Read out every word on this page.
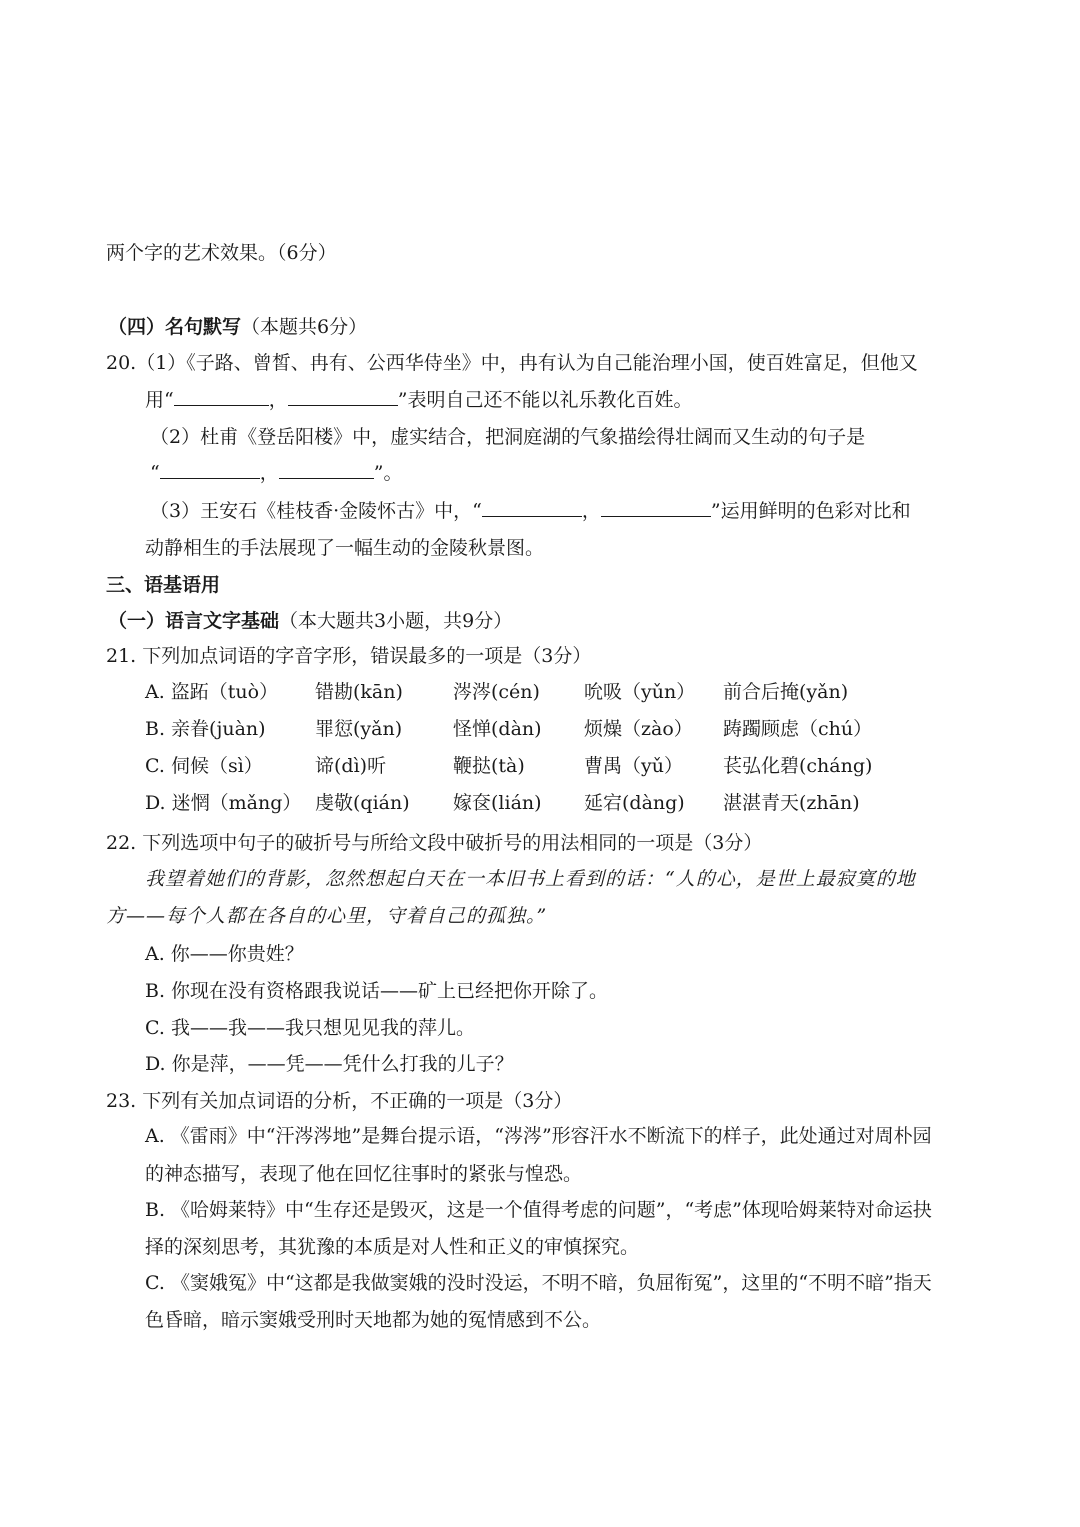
两个字的艺术效果。（6分）
（四）名句默写（本题共6分）
20.（1）《子路、曾皙、冉有、公西华侍坐》中，冉有认为自己能治理小国，使百姓富足，但他又
用“	，	”表明自己还不能以礼乐教化百姓。
（2）杜甫《登岳阳楼》中，虚实结合，把洞庭湖的气象描绘得壮阔而又生动的句子是
“	，	”。
（3）王安石《桂枝香·金陵怀古》中，“	，	”运用鲜明的色彩对比和
动静相生的手法展现了一幅生动的金陵秋景图。
三、语基语用
（一）语言文字基础（本大题共3小题，共9分）
21. 下列加点词语的字音字形，错误最多的一项是（3分）
A. 盗跖（tuò） 错勘(kān)	涔涔(cén) 吮吸（yǔn） 前合后掩(yǎn)
B. 亲眷(juàn)	罪愆(yǎn)	怪惮(dàn) 烦燥（zào） 踌躅顾虑（chú）
C. 伺候（sì）	谛(dì)听	鞭挞(tà)	曹禺（yǔ） 苌弘化碧(cháng)
D. 迷惘（mǎng） 虔敬(qián) 嫁奁(lián) 延宕(dàng) 湛湛青天(zhān)
22. 下列选项中句子的破折号与所给文段中破折号的用法相同的一项是（3分）
我望着她们的背影，忽然想起白天在一本旧书上看到的话：“人的心，是世上最寂寞的地
方——每个人都在各自的心里，守着自己的孤独。”
A. 你——你贵姓？
B. 你现在没有资格跟我说话——矿上已经把你开除了。
C. 我——我——我只想见见我的萍儿。
D. 你是萍，——凭——凭什么打我的儿子？
23. 下列有关加点词语的分析，不正确的一项是（3分）
A. 《雷雨》中“汗涔涔地”是舞台提示语，“涔涔”形容汗水不断流下的样子，此处通过对周朴园
的神态描写，表现了他在回忆往事时的紧张与惶恐。
B. 《哈姆莱特》中“生存还是毁灭，这是一个值得考虑的问题”，“考虑”体现哈姆莱特对命运抉
择的深刻思考，其犹豫的本质是对人性和正义的审慎探究。
C. 《窦娥冤》中“这都是我做窦娥的没时没运，不明不暗，负屈衔冤”，这里的“不明不暗”指天
色昏暗，暗示窦娥受刑时天地都为她的冤情感到不公。
